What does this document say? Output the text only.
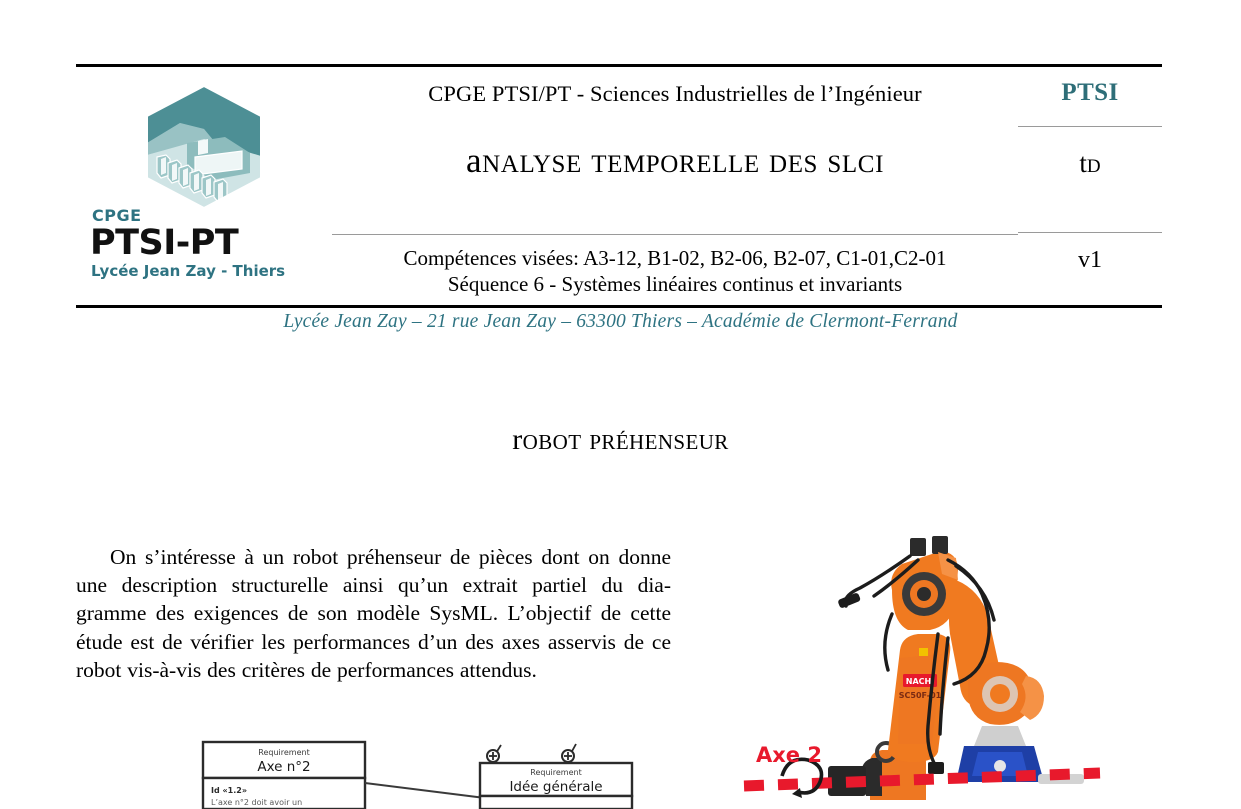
CPGE
PTSI-PT
Lycée Jean Zay - Thiers
CPGE PTSI/PT - Sciences Industrielles de l’Ingénieur
analyse temporelle des slci
Compétences visées: A3-12, B1-02, B2-06, B2-07, C1-01,C2-01
Séquence 6 - Systèmes linéaires continus et invariants
PTSI
td
v1
Lycée Jean Zay – 21 rue Jean Zay – 63300 Thiers – Académie de Clermont-Ferrand
robot préhenseur

On s’intéresse à un robot préhenseur de pièces dont on donne une description structurelle ainsi qu’un extrait partiel du dia- gramme des exigences de son modèle SysML. L’objectif de cette étude est de vérifier les performances d’un des axes asservis de ce robot vis-à-vis des critères de performances attendus.

Requirement
Axe n°2
Id «1.2»
L’axe n°2 doit avoir un
Requirement
Idée générale
NACHI
SC50F-01
Axe 2
